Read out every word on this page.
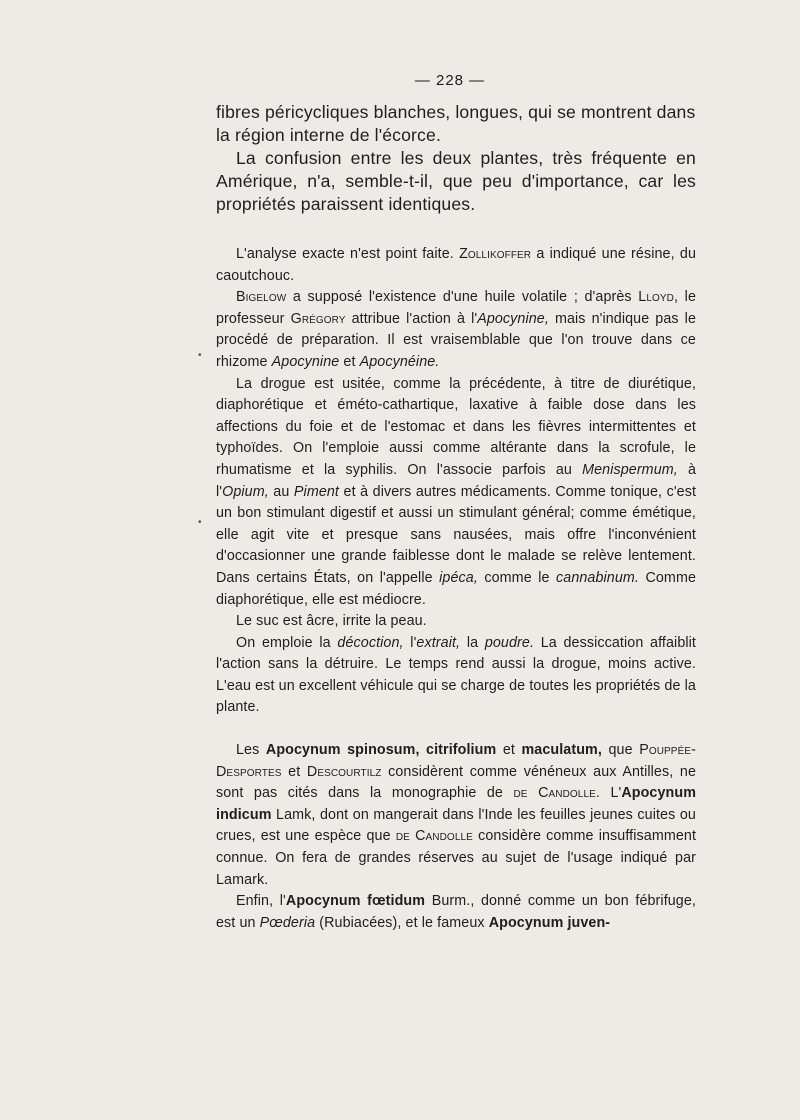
— 228 —

fibres péricycliques blanches, longues, qui se montrent dans

la région interne de l'écorce.

La confusion entre les deux plantes, très fréquente en Amérique, n'a, semble-t-il, que peu d'importance, car les propriétés paraissent identiques.

L'analyse exacte n'est point faite. Zollikoffer a indiqué une résine, du caoutchouc.

Bigelow a supposé l'existence d'une huile volatile ; d'après Lloyd, le professeur Grégory attribue l'action à l'Apocynine, mais n'indique pas le procédé de préparation. Il est vraisemblable que l'on trouve dans ce rhizome Apocynine et Apocynéine.

La drogue est usitée, comme la précédente, à titre de diurétique, diaphorétique et éméto-cathartique, laxative à faible dose dans les affections du foie et de l'estomac et dans les fièvres intermittentes et typhoïdes. On l'emploie aussi comme altérante dans la scrofule, le rhumatisme et la syphilis. On l'associe parfois au Menispermum, à l'Opium, au Piment et à divers autres médicaments. Comme tonique, c'est un bon stimulant digestif et aussi un stimulant général; comme émétique, elle agit vite et presque sans nausées, mais offre l'inconvénient d'occasionner une grande faiblesse dont le malade se relève lentement. Dans certains États, on l'appelle ipéca, comme le cannabinum. Comme diaphorétique, elle est médiocre.

Le suc est âcre, irrite la peau.

On emploie la décoction, l'extrait, la poudre. La dessiccation affaiblit l'action sans la détruire. Le temps rend aussi la drogue, moins active. L'eau est un excellent véhicule qui se charge de toutes les propriétés de la plante.

Les Apocynum spinosum, citrifolium et maculatum, que Pouppée-Desportes et Descourtilz considèrent comme vénéneux aux Antilles, ne sont pas cités dans la monographie de de Candolle. L'Apocynum indicum Lamk, dont on mangerait dans l'Inde les feuilles jeunes cuites ou crues, est une espèce que de Candolle considère comme insuffisamment connue. On fera de grandes réserves au sujet de l'usage indiqué par Lamark.

Enfin, l'Apocynum fœtidum Burm., donné comme un bon fébrifuge, est un Pœderia (Rubiacées), et le fameux Apocynum juven-

•
•
